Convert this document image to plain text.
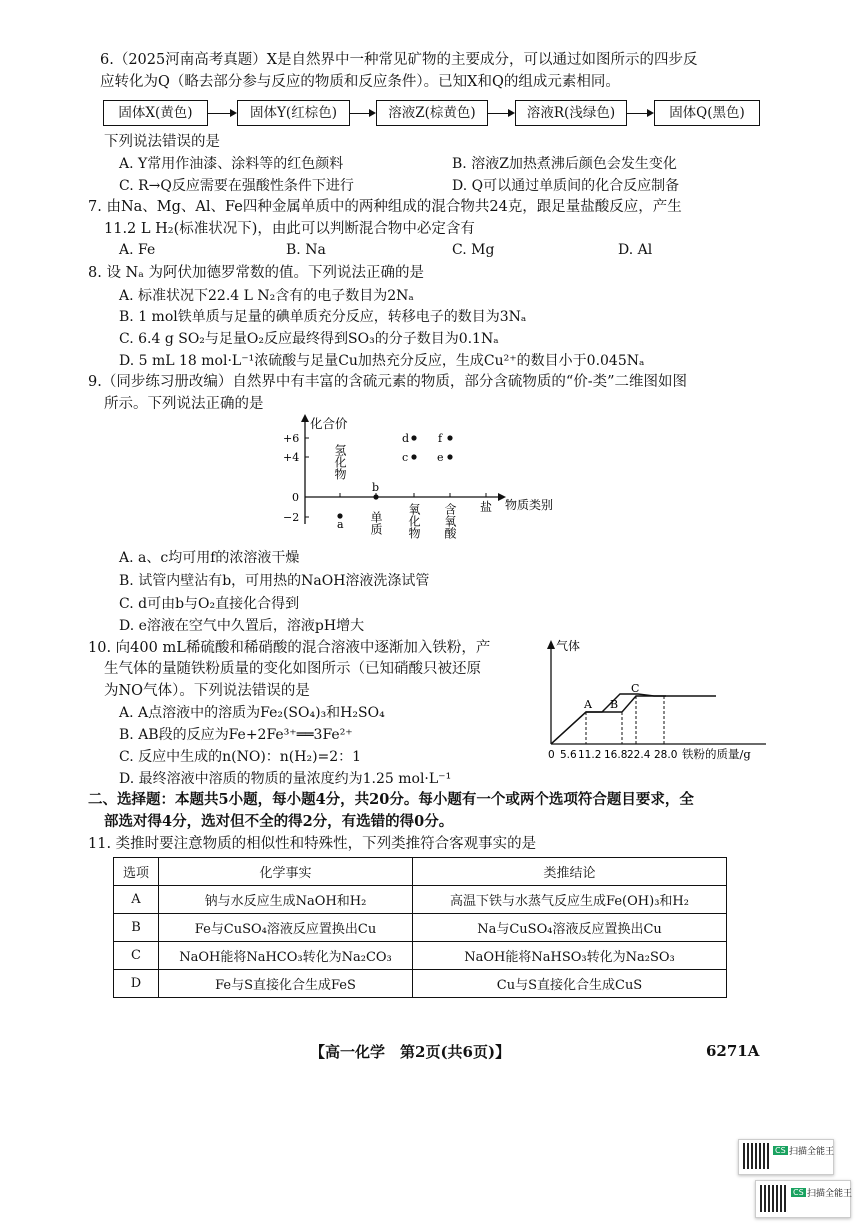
6.（2025河南高考真题）X是自然界中一种常见矿物的主要成分，可以通过如图所示的四步反
应转化为Q（略去部分参与反应的物质和反应条件）。已知X和Q的组成元素相同。
固体X(黄色)	固体Y(红棕色)	溶液Z(棕黄色)	溶液R(浅绿色)	固体Q(黑色)
下列说法错误的是
A. Y常用作油漆、涂料等的红色颜料	B. 溶液Z加热煮沸后颜色会发生变化
C. R→Q反应需要在强酸性条件下进行	D. Q可以通过单质间的化合反应制备
7. 由Na、Mg、Al、Fe四种金属单质中的两种组成的混合物共24克，跟足量盐酸反应，产生
11.2 L H₂(标准状况下)，由此可以判断混合物中必定含有
A. Fe	B. Na	C. Mg	D. Al
8. 设 Nₐ 为阿伏加德罗常数的值。下列说法正确的是
A. 标准状况下22.4 L N₂含有的电子数目为2Nₐ
B. 1 mol铁单质与足量的碘单质充分反应，转移电子的数目为3Nₐ
C. 6.4 g SO₂与足量O₂反应最终得到SO₃的分子数目为0.1Nₐ
D. 5 mL 18 mol·L⁻¹浓硫酸与足量Cu加热充分反应，生成Cu²⁺的数目小于0.045Nₐ
9.（同步练习册改编）自然界中有丰富的含硫元素的物质，部分含硫物质的“价-类”二维图如图
所示。下列说法正确的是
化合价
+6
+4
0
−2
物质类别
氢化物
单质 氧化物 含氧酸 盐
a
b
c
d
e
f
A. a、c均可用f的浓溶液干燥
B. 试管内壁沾有b，可用热的NaOH溶液洗涤试管
C. d可由b与O₂直接化合得到
D. e溶液在空气中久置后，溶液pH增大
10. 向400 mL稀硫酸和稀硝酸的混合溶液中逐渐加入铁粉，产
生气体的量随铁粉质量的变化如图所示（已知硝酸只被还原
为NO气体）。下列说法错误的是
A. A点溶液中的溶质为Fe₂(SO₄)₃和H₂SO₄
B. AB段的反应为Fe+2Fe³⁺══3Fe²⁺
C. 反应中生成的n(NO)：n(H₂)=2：1
D. 最终溶液中溶质的物质的量浓度约为1.25 mol·L⁻¹
气体
A B
C
0 5.6 11.2 16.8 22.4 28.0 铁粉的质量/g
二、选择题：本题共5小题，每小题4分，共20分。每小题有一个或两个选项符合题目要求，全
部选对得4分，选对但不全的得2分，有选错的得0分。
11. 类推时要注意物质的相似性和特殊性，下列类推符合客观事实的是
选项	化学事实	类推结论
A	钠与水反应生成NaOH和H₂	高温下铁与水蒸气反应生成Fe(OH)₃和H₂
B	Fe与CuSO₄溶液反应置换出Cu	Na与CuSO₄溶液反应置换出Cu
C	NaOH能将NaHCO₃转化为Na₂CO₃	NaOH能将NaHSO₃转化为Na₂SO₃
D	Fe与S直接化合生成FeS	Cu与S直接化合生成CuS
【高一化学　第2页(共6页)】	6271A
CS 扫描全能王
CS 扫描全能王
